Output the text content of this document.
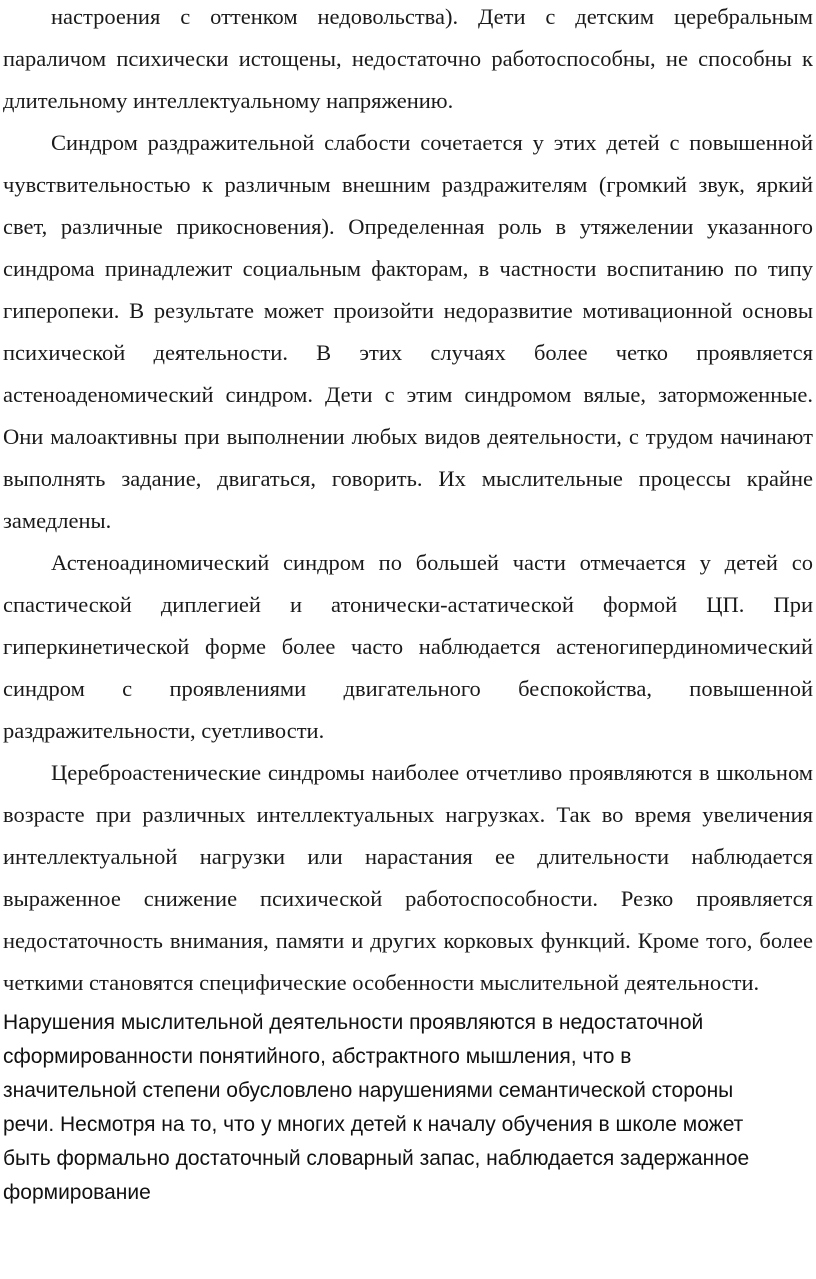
настроения с оттенком недовольства). Дети с детским церебральным параличом психически истощены, недостаточно работоспособны, не способны к длительному интеллектуальному напряжению.

Синдром раздражительной слабости сочетается у этих детей с повышенной чувствительностью к различным внешним раздражителям (громкий звук, яркий свет, различные прикосновения). Определенная роль в утяжелении указанного синдрома принадлежит социальным факторам, в частности воспитанию по типу гиперопеки. В результате может произойти недоразвитие мотивационной основы психической деятельности. В этих случаях более четко проявляется астеноаденомический синдром. Дети с этим синдромом вялые, заторможенные. Они малоактивны при выполнении любых видов деятельности, с трудом начинают выполнять задание, двигаться, говорить. Их мыслительные процессы крайне замедлены.

Астеноадиномический синдром по большей части отмечается у детей со спастической диплегией и атонически-астатической формой ЦП. При гиперкинетической форме более часто наблюдается астеногипердиномический синдром с проявлениями двигательного беспокойства, повышенной раздражительности, суетливости.

Цереброастенические синдромы наиболее отчетливо проявляются в школьном возрасте при различных интеллектуальных нагрузках. Так во время увеличения интеллектуальной нагрузки или нарастания ее длительности наблюдается выраженное снижение психической работоспособности. Резко проявляется недостаточность внимания, памяти и других корковых функций. Кроме того, более четкими становятся специфические особенности мыслительной деятельности.

Нарушения мыслительной деятельности проявляются в недостаточной сформированности понятийного, абстрактного мышления, что в значительной степени обусловлено нарушениями семантической стороны речи. Несмотря на то, что у многих детей к началу обучения в школе может быть формально достаточный словарный запас, наблюдается задержанное формирование
